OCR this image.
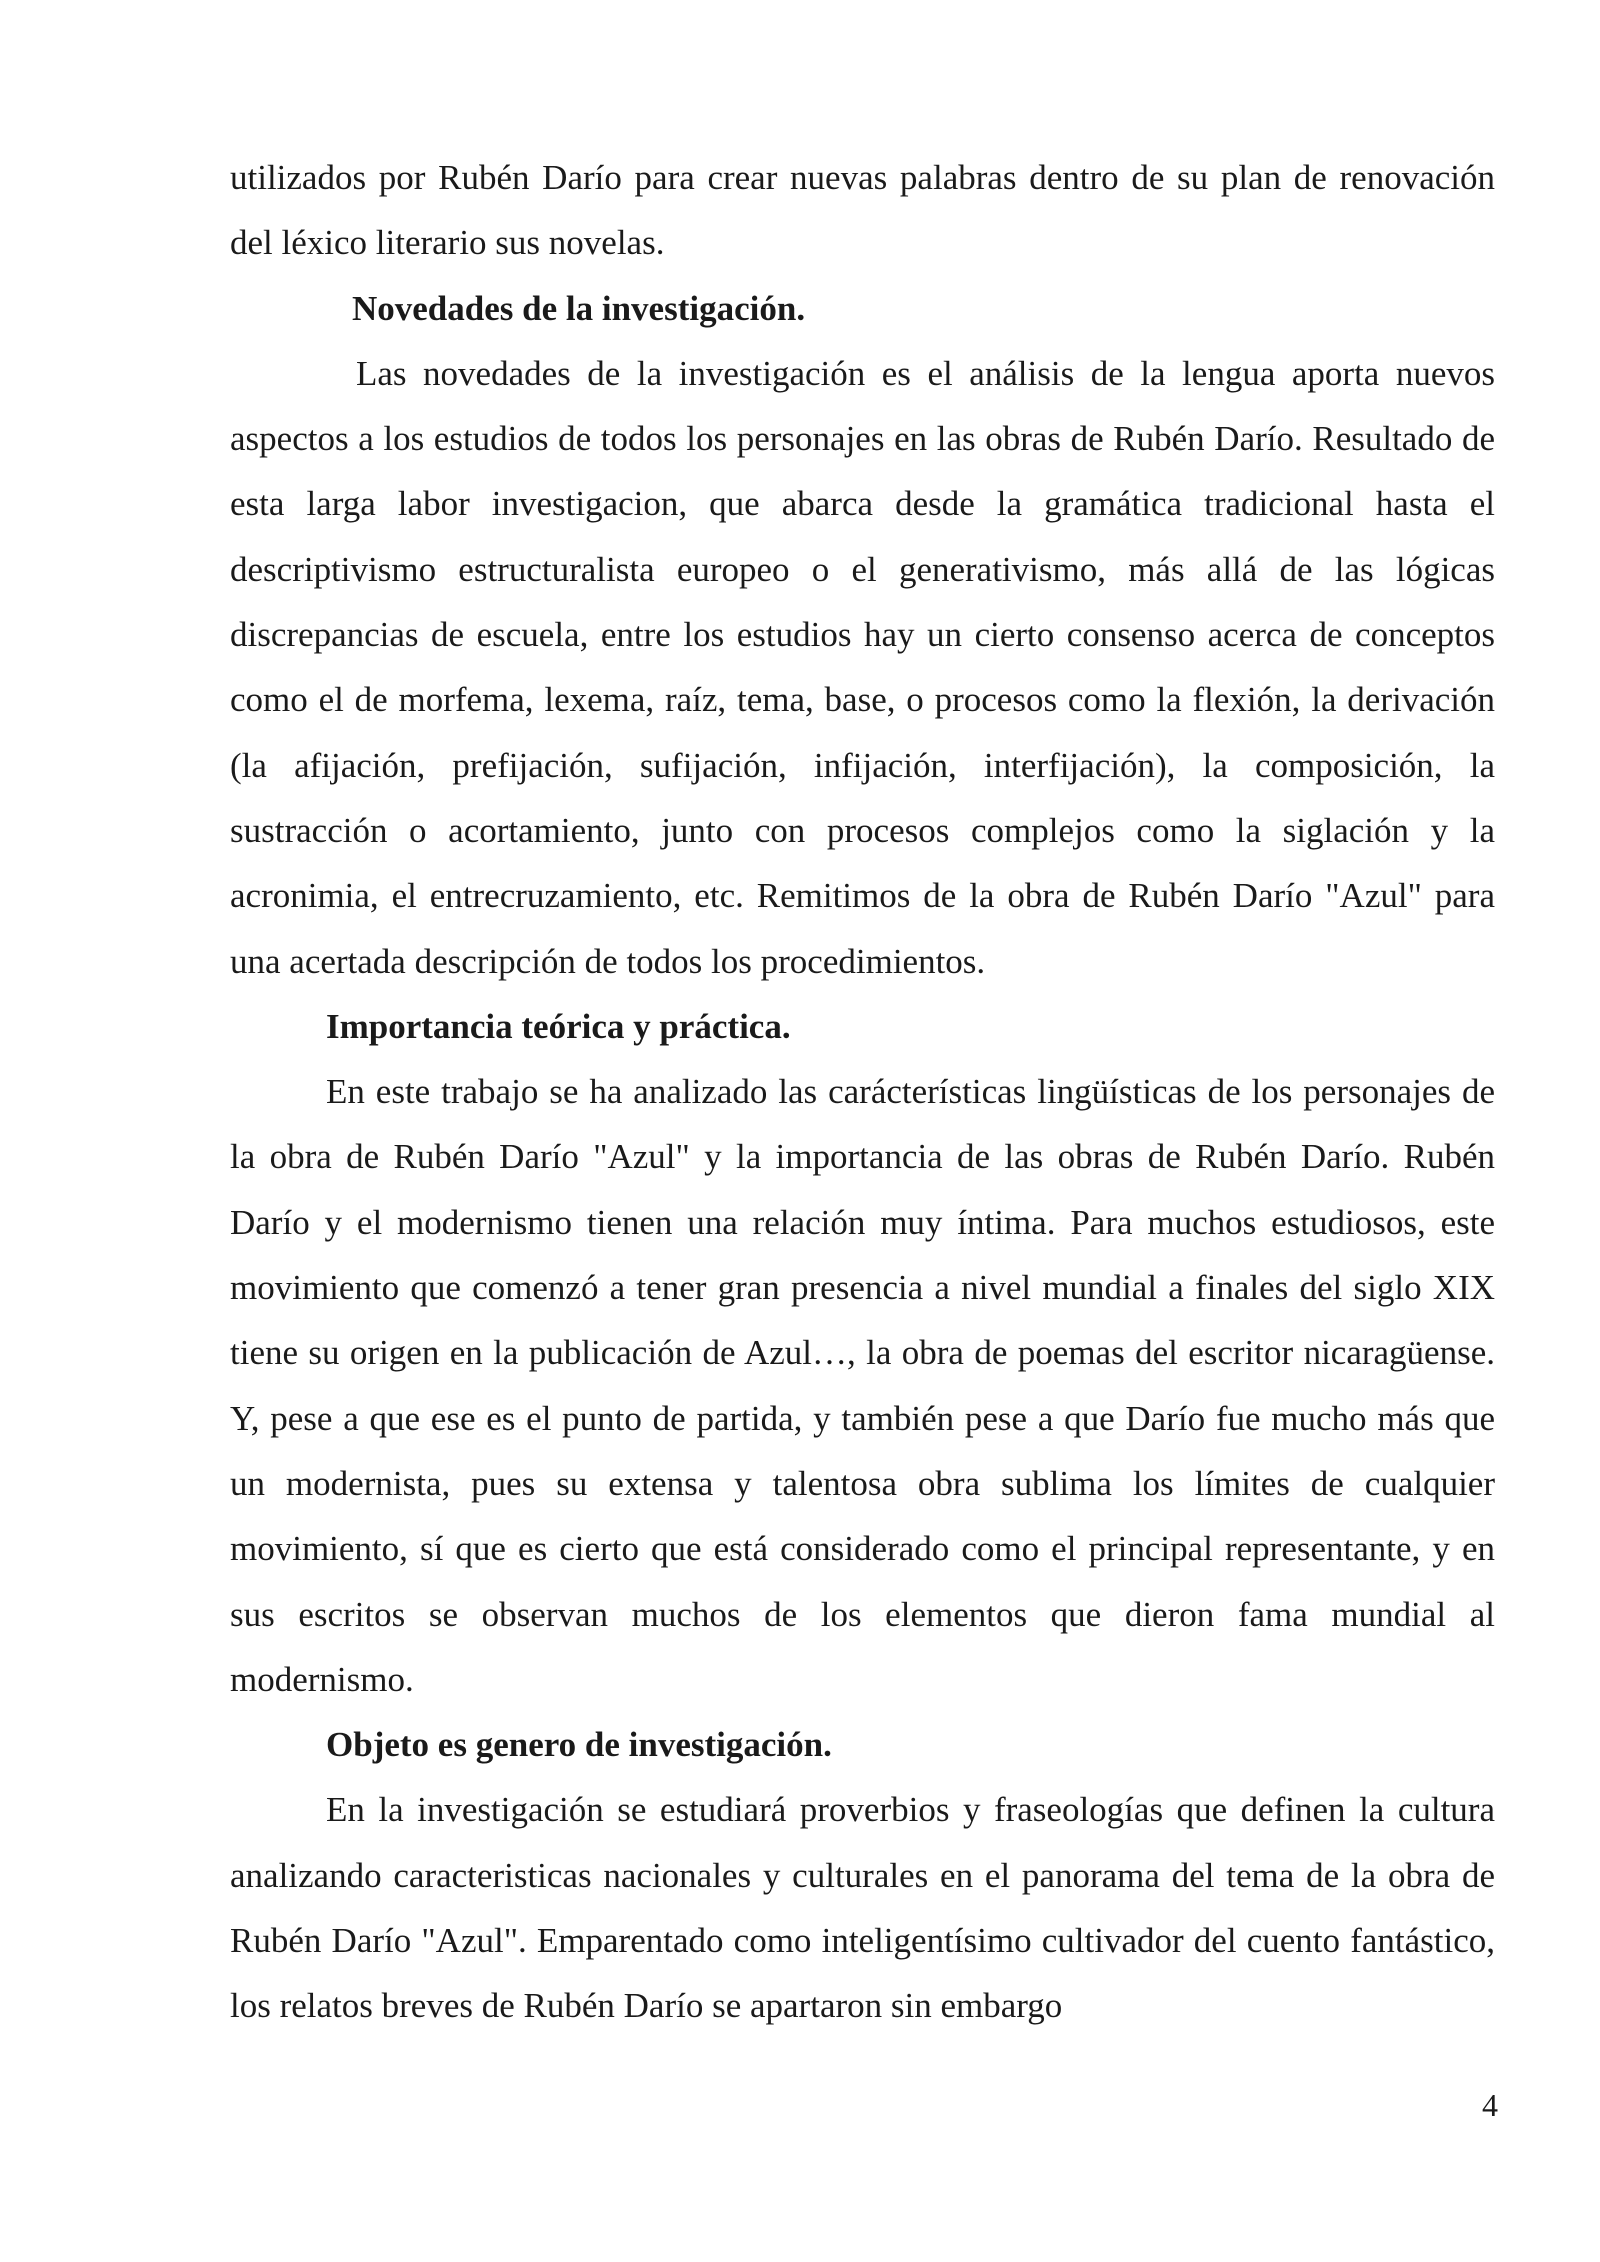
utilizados por Rubén Darío para crear nuevas palabras dentro de su plan de renovación del léxico literario sus novelas.

Novedades de la investigación.

Las novedades de la investigación es el análisis de la lengua aporta nuevos aspectos a los estudios de todos los personajes en las obras de Rubén Darío. Resultado de esta larga labor investigacion, que abarca desde la gramática tradicional hasta el descriptivismo estructuralista europeo o el generativismo, más allá de las lógicas discrepancias de escuela, entre los estudios hay un cierto consenso acerca de conceptos como el de morfema, lexema, raíz, tema, base, o procesos como la flexión, la derivación (la afijación, prefijación, sufijación, infijación, interfijación), la composición, la sustracción o acortamiento, junto con procesos complejos como la siglación y la acronimia, el entrecruzamiento, etc. Remitimos de la obra de Rubén Darío "Azul" para una acertada descripción de todos los procedimientos.

Importancia teórica y práctica.

En este trabajo se ha analizado las carácterísticas lingüísticas de los personajes de la obra de Rubén Darío "Azul" y la importancia de las obras de Rubén Darío. Rubén Darío y el modernismo tienen una relación muy íntima. Para muchos estudiosos, este movimiento que comenzó a tener gran presencia a nivel mundial a finales del siglo XIX tiene su origen en la publicación de Azul…, la obra de poemas del escritor nicaragüense. Y, pese a que ese es el punto de partida, y también pese a que Darío fue mucho más que un modernista, pues su extensa y talentosa obra sublima los límites de cualquier movimiento, sí que es cierto que está considerado como el principal representante, y en sus escritos se observan muchos de los elementos que dieron fama mundial al modernismo.

Objeto es genero de investigación.

En la investigación se estudiará proverbios y fraseologías que definen la cultura analizando caracteristicas nacionales y culturales en el panorama del tema de la obra de Rubén Darío "Azul". Emparentado como inteligentísimo cultivador del cuento fantástico, los relatos breves de Rubén Darío se apartaron sin embargo

4
